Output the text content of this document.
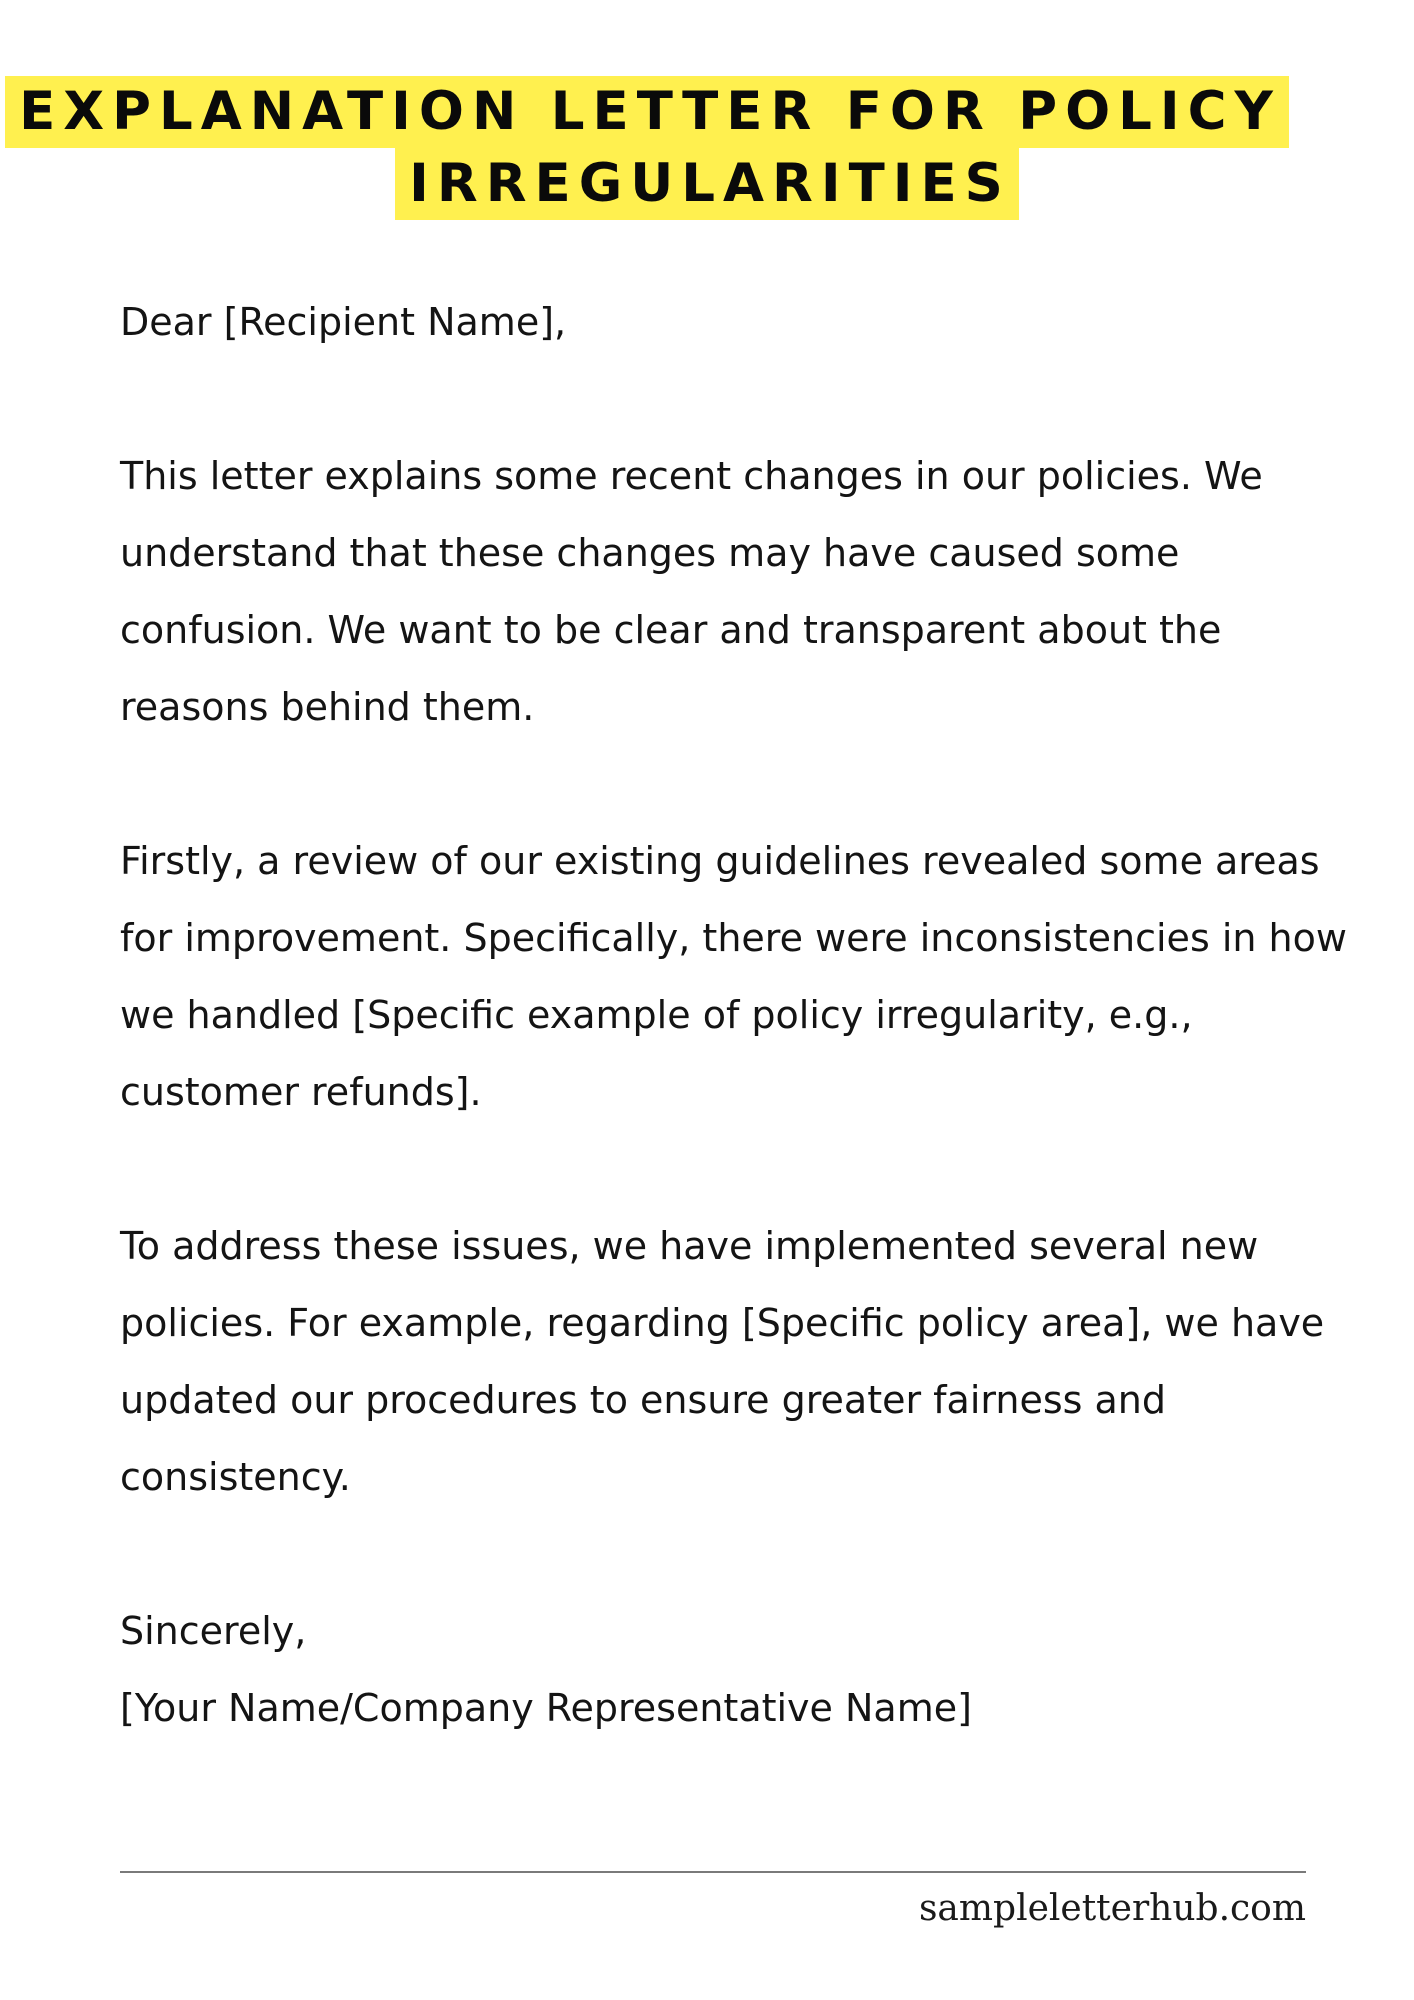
EXPLANATION LETTER FOR POLICY
IRREGULARITIES

Dear [Recipient Name],

This letter explains some recent changes in our policies. We understand that these changes may have caused some confusion. We want to be clear and transparent about the reasons behind them.

Firstly, a review of our existing guidelines revealed some areas for improvement. Specifically, there were inconsistencies in how we handled [Specific example of policy irregularity, e.g., customer refunds].

To address these issues, we have implemented several new policies. For example, regarding [Specific policy area], we have updated our procedures to ensure greater fairness and consistency.

Sincerely,

[Your Name/Company Representative Name]

sampleletterhub.com
